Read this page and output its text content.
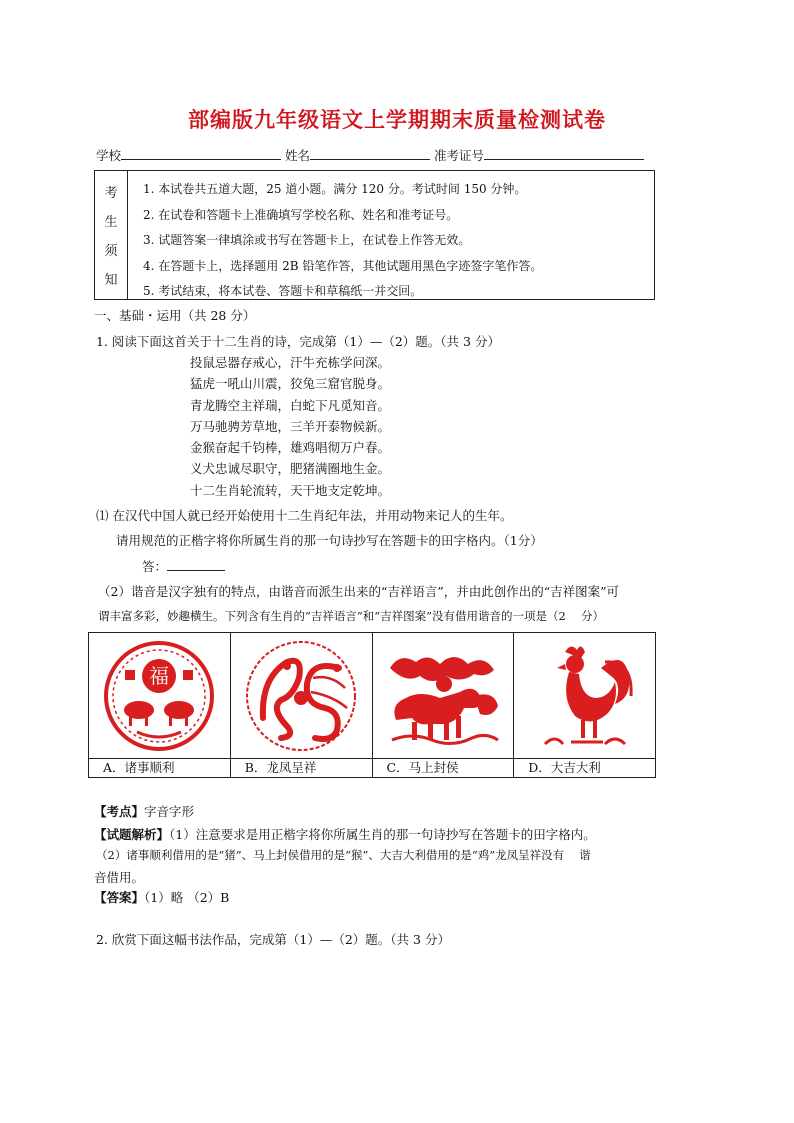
部编版九年级语文上学期期末质量检测试卷
学校	姓名	准考证号
考
生
须
知
1. 本试卷共五道大题，25 道小题。满分 120 分。考试时间 150 分钟。
2. 在试卷和答题卡上准确填写学校名称、姓名和准考证号。
3. 试题答案一律填涂或书写在答题卡上，在试卷上作答无效。
4. 在答题卡上，选择题用 2B 铅笔作答，其他试题用黑色字迹签字笔作答。
5. 考试结束，将本试卷、答题卡和草稿纸一并交回。
一、基础・运用（共 28 分）
1. 阅读下面这首关于十二生肖的诗，完成第（1）—（2）题。（共 3 分）
投鼠忌器存戒心，汗牛充栋学问深。
猛虎一吼山川震，狡兔三窟官脱身。
青龙腾空主祥瑞，白蛇下凡觅知音。
万马驰骋芳草地，三羊开泰物候新。
金猴奋起千钧棒，雄鸡唱彻万户春。
义犬忠诚尽职守，肥猪满圈地生金。
十二生肖轮流转，天干地支定乾坤。
⑴ 在汉代中国人就已经开始使用十二生肖纪年法，并用动物来记人的生年。
请用规范的正楷字将你所属生肖的那一句诗抄写在答题卡的田字格内。（1分）
答：
（2）谐音是汉字独有的特点，由谐音而派生出来的“吉祥语言”，并由此创作出的“吉祥图案”可
谓丰富多彩，妙趣横生。下列含有生肖的“吉祥语言”和“吉祥图案”没有借用谐音的一项是（2　 分）
福
A．诸事顺利	B．龙凤呈祥	C．马上封侯	D．大吉大利
【考点】字音字形
【试题解析】（1）注意要求是用正楷字将你所属生肖的那一句诗抄写在答题卡的田字格内。
（2）诸事顺利借用的是“猪”、马上封侯借用的是“猴”、大吉大利借用的是“鸡”龙凤呈祥没有　 谐
音借用。
【答案】（1）略 （2）B
2. 欣赏下面这幅书法作品，完成第（1）—（2）题。（共 3 分）
